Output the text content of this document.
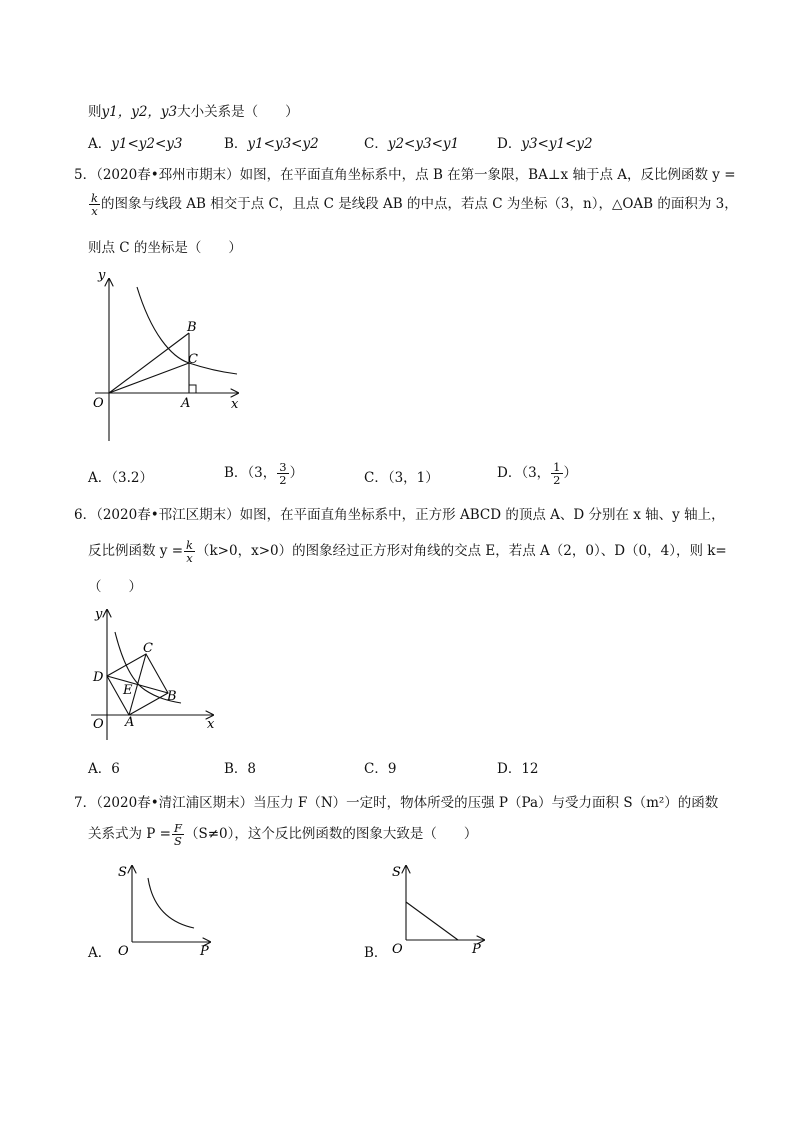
则y1，y2，y3大小关系是（　　）
A．y1<y2<y3	B．y1<y3<y2	C．y2<y3<y1	D．y3<y1<y2
5．（2020春•邳州市期末）如图，在平面直角坐标系中，点 B 在第一象限，BA⊥x 轴于点 A，反比例函数 y =
$\frac{k}{x}$ 的图象与线段 AB 相交于点 C，且点 C 是线段 AB 的中点，若点 C 为坐标（3，n），△OAB 的面积为 3，
则点 C 的坐标是（　　）
y
x
O	A
B
C
A．（3.2）	B．（3， $\frac{3}{2}$ ）	C．（3，1）	D．（3， $\frac{1}{2}$ ）
6．（2020春•邗江区期末）如图，在平面直角坐标系中，正方形 ABCD 的顶点 A、D 分别在 x 轴、y 轴上，
反比例函数 $y = \frac{k}{x} (k>0$，x>0）的图象经过正方形对角线的交点 E，若点 A（2，0）、D（0，4），则 k=
（　　）
y
x
O A
B
C
D
E
A．6	B．8	C．9	D．12
7．（2020春•清江浦区期末）当压力 F（N）一定时，物体所受的压强 P（Pa）与受力面积 S（m²）的函数
关系式为 $P = \frac{F}{S} (S\ne 0)$，这个反比例函数的图象大致是（　　）
A．
S
P
O	B．
S
P
O
